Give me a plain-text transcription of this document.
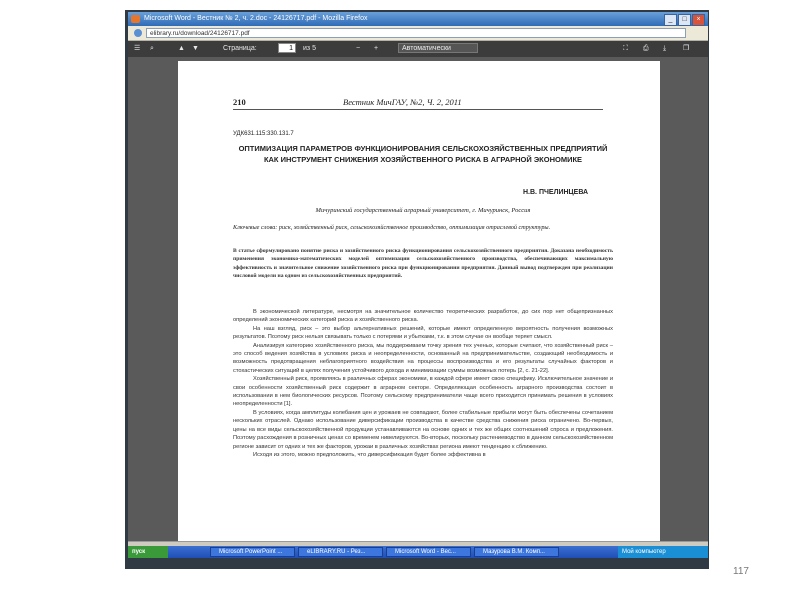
Microsoft Word - Вестник № 2, ч. 2.doc - 24126717.pdf - Mozilla Firefox	_	□	×
elibrary.ru/download/24126717.pdf
☰ ⌕	▲ ▼	Страница:	1	из 5	− +	Автоматически	⛶ ⎙ ⤓ ❐
210	Вестник МичГАУ, №2, Ч. 2, 2011
УДК631.115:330.131.7
ОПТИМИЗАЦИЯ ПАРАМЕТРОВ ФУНКЦИОНИРОВАНИЯ СЕЛЬСКОХОЗЯЙСТВЕННЫХ ПРЕДПРИЯТИЙ КАК ИНСТРУМЕНТ СНИЖЕНИЯ ХОЗЯЙСТВЕННОГО РИСКА В АГРАРНОЙ ЭКОНОМИКЕ
Н.В. ПЧЕЛИНЦЕВА
Мичуринский государственный аграрный университет, г. Мичуринск, Россия
Ключевые слова: риск, хозяйственный риск, сельскохозяйственное производство, оптимизация отраслевой структуры.
В статье сформулировано понятие риска и хозяйственного риска функционирования сельскохозяйственного предприятия. Доказана необходимость применения экономико-математических моделей оптимизации сельскохозяйственного производства, обеспечивающих максимальную эффективность и значительное снижение хозяйственного риска при функционировании предприятия. Данный вывод подтвержден при реализации числовой модели на одном из сельскохозяйственных предприятий.

В экономической литературе, несмотря на значительное количество теоретических разработок, до сих пор нет общепризнанных определений экономических категорий риска и хозяйственного риска.

На наш взгляд, риск – это выбор альтернативных решений, которые имеют определенную вероятность получения возможных результатов. Поэтому риск нельзя связывать только с потерями и убытками, т.к. в этом случае он вообще теряет смысл.

Анализируя категорию хозяйственного риска, мы поддерживаем точку зрения тех ученых, которые считают, что хозяйственный риск – это способ ведения хозяйства в условиях риска и неопределенности, основанный на предпринимательстве, создающий необходимость и возможность предотвращения неблагоприятного воздействия на процессы воспроизводства и его результаты случайных факторов и стохастических ситуаций в целях получения устойчивого дохода и минимизации суммы возможных потерь [2, с. 21-22].

Хозяйственный риск, проявляясь в различных сферах экономики, в каждой сфере имеет свою специфику. Исключительное значение и свои особенности хозяйственный риск содержит в аграрном секторе. Определяющая особенность аграрного производства состоит в использовании в нем биологических ресурсов. Поэтому сельскому предприниматели чаще всего приходится принимать решения в условиях неопределенности [1].

В условиях, когда амплитуды колебания цен и урожаев не совпадают, более стабильные прибыли могут быть обеспечены сочетанием нескольких отраслей. Однако использование диверсификации производства в качестве средства снижения риска ограничено. Во-первых, цены на все виды сельскохозяйственной продукции устанавливаются на основе одних и тех же общих соотношений спроса и предложения. Поэтому расхождения в розничных ценах со временем нивелируются. Во-вторых, поскольку растениеводство в данном сельскохозяйственном регионе зависит от одних и тех же факторов, урожаи в различных хозяйствах региона имеют тенденцию к сближению.

Исходя из этого, можно предположить, что диверсификация будет более эффективна в

пуск	Microsoft PowerPoint ...	eLIBRARY.RU - Рез...	Microsoft Word - Вес...	Мазурова В.М. Комп...	Мой компьютер
117
